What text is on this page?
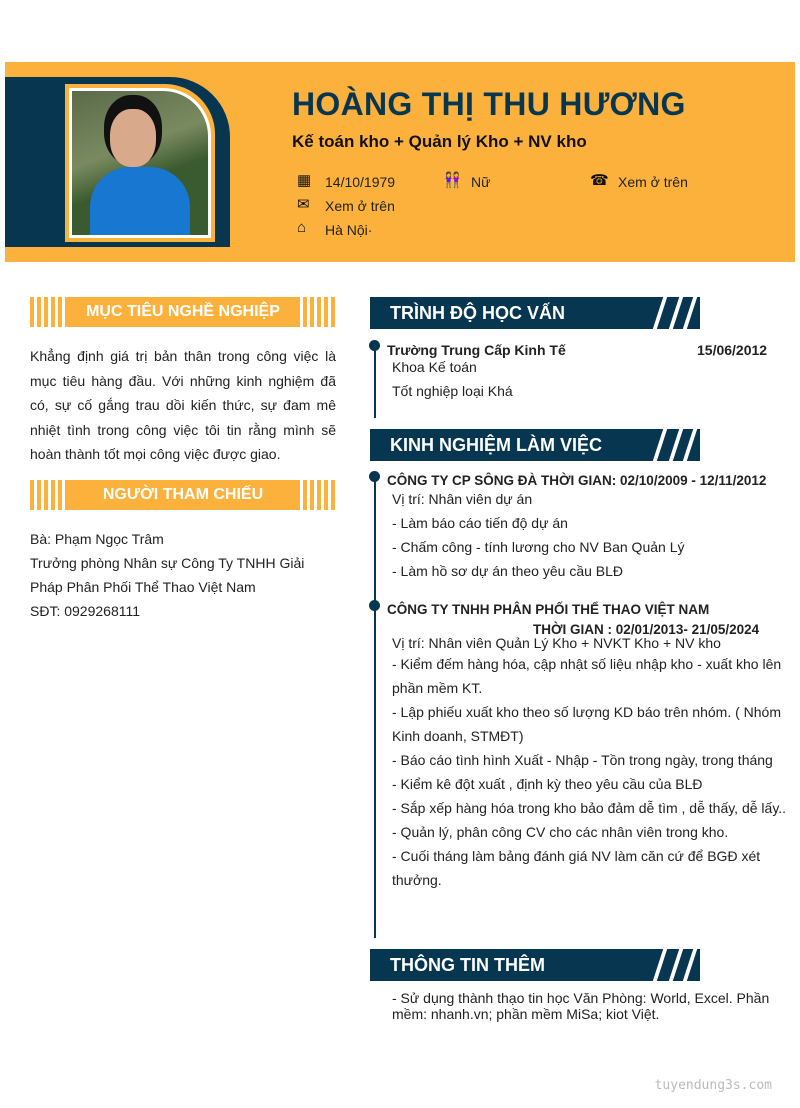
HOÀNG THỊ THU HƯƠNG
Kế toán kho + Quản lý Kho + NV kho
▦ 14/10/1979	👭 Nữ	☎ Xem ở trên
✉ Xem ở trên
⌂ Hà Nội·
MỤC TIÊU NGHỀ NGHIỆP
Khẳng định giá trị bản thân trong công việc là mục tiêu hàng đầu. Với những kinh nghiệm đã có, sự cố gắng trau dồi kiến thức, sự đam mê nhiệt tình trong công việc tôi tin rằng mình sẽ hoàn thành tốt mọi công việc được giao.
NGƯỜI THAM CHIẾU
Bà: Phạm Ngọc Trâm
Trưởng phòng Nhân sự Công Ty TNHH Giải Pháp Phân Phối Thể Thao Việt Nam
SĐT: 0929268111
TRÌNH ĐỘ HỌC VẤN
Trường Trung Cấp Kinh Tế	15/06/2012
Khoa Kế toán
Tốt nghiệp loại Khá
KINH NGHIỆM LÀM VIỆC
CÔNG TY CP SÔNG ĐÀ THỜI GIAN: 02/10/2009 - 12/11/2012
Vị trí: Nhân viên dự án
- Làm báo cáo tiến độ dự án
- Chấm công - tính lương cho NV Ban Quản Lý
- Làm hồ sơ dự án theo yêu cầu BLĐ
CÔNG TY TNHH PHÂN PHỐI THỂ THAO VIỆT NAM
THỜI GIAN : 02/01/2013- 21/05/2024
Vị trí: Nhân viên Quản Lý Kho + NVKT Kho + NV kho
- Kiểm đếm hàng hóa, cập nhật số liệu nhập kho - xuất kho lên phần mềm KT.
- Lập phiếu xuất kho theo số lượng KD báo trên nhóm. ( Nhóm Kinh doanh, STMĐT)
- Báo cáo tình hình Xuất - Nhập - Tồn trong ngày, trong tháng
- Kiểm kê đột xuất , định kỳ theo yêu cầu của BLĐ
- Sắp xếp hàng hóa trong kho bảo đảm dễ tìm , dễ thấy, dễ lấy..
- Quản lý, phân công CV cho các nhân viên trong kho.
- Cuối tháng làm bảng đánh giá NV làm căn cứ để BGĐ xét thưởng.
THÔNG TIN THÊM
- Sử dụng thành thạo tin học Văn Phòng: World, Excel. Phần mềm: nhanh.vn; phần mềm MiSa; kiot Việt.
tuyendung3s.com
